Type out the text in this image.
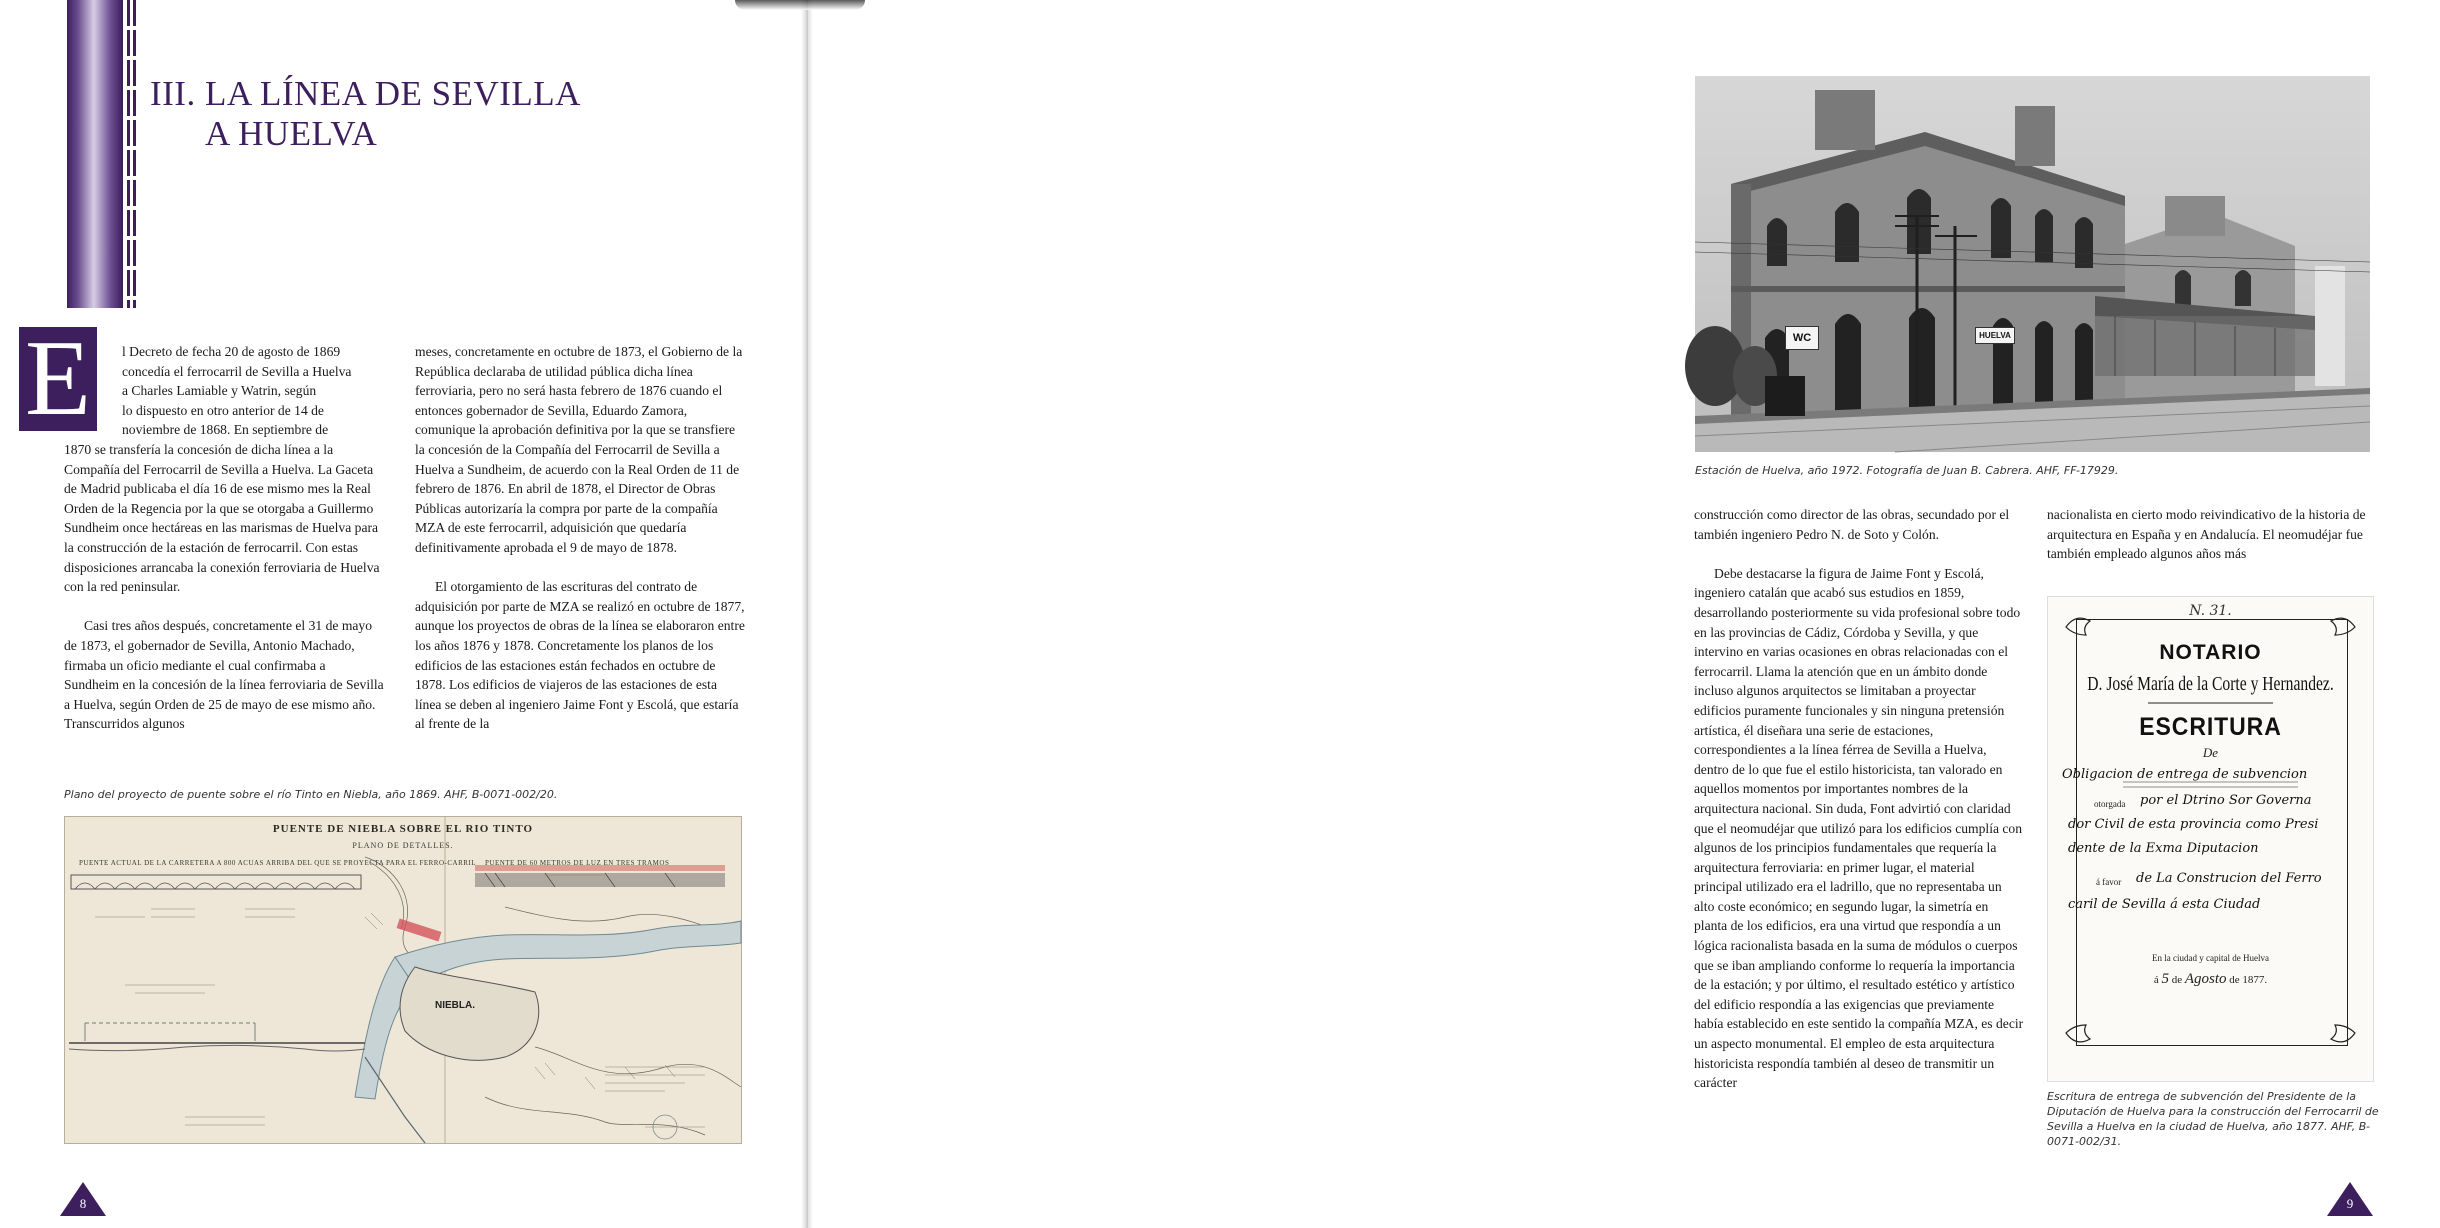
III. LA LÍNEA DE SEVILLA
A HUELVA
E	l Decreto de fecha 20 de agosto de 1869
concedía el ferrocarril de Sevilla a Huelva
a Charles Lamiable y Watrin, según
lo dispuesto en otro anterior de 14 de
noviembre de 1868. En septiembre de
1870 se transfería la concesión de dicha línea a la Compañía del Ferrocarril de Sevilla a Huelva. La Gaceta de Madrid publicaba el día 16 de ese mismo mes la Real Orden de la Regencia por la que se otorgaba a Guillermo Sundheim once hectáreas en las marismas de Huelva para la construcción de la estación de ferrocarril. Con estas disposiciones arrancaba la conexión ferroviaria de Huelva con la red peninsular.

Casi tres años después, concretamente el 31 de mayo de 1873, el gobernador de Sevilla, Antonio Machado, firmaba un oficio mediante el cual confirmaba a Sundheim en la concesión de la línea ferroviaria de Sevilla a Huelva, según Orden de 25 de mayo de ese mismo año. Transcurridos algunos

meses, concretamente en octubre de 1873, el Gobierno de la República declaraba de utilidad pública dicha línea ferroviaria, pero no será hasta febrero de 1876 cuando el entonces gobernador de Sevilla, Eduardo Zamora, comunique la aprobación definitiva por la que se transfiere la concesión de la Compañía del Ferrocarril de Sevilla a Huelva a Sundheim, de acuerdo con la Real Orden de 11 de febrero de 1876. En abril de 1878, el Director de Obras Públicas autorizaría la compra por parte de la compañía MZA de este ferrocarril, adquisición que quedaría definitivamente aprobada el 9 de mayo de 1878.

El otorgamiento de las escrituras del contrato de adquisición por parte de MZA se realizó en octubre de 1877, aunque los proyectos de obras de la línea se elaboraron entre los años 1876 y 1878. Concretamente los planos de los edificios de las estaciones están fechados en octubre de 1878. Los edificios de viajeros de las estaciones de esta línea se deben al ingeniero Jaime Font y Escolá, que estaría al frente de la

Plano del proyecto de puente sobre el río Tinto en Niebla, año 1869. AHF, B-0071-002/20.
PUENTE DE NIEBLA SOBRE EL RIO TINTO
PLANO DE DETALLES.
PUENTE ACTUAL DE LA CARRETERA A 800 ACUAS ARRIBA DEL QUE SE PROYECTA PARA EL FERRO-CARRIL PUENTE DE 60 METROS DE LUZ EN TRES TRAMOS
NIEBLA.
8
WC	HUELVA
Estación de Huelva, año 1972. Fotografía de Juan B. Cabrera. AHF, FF-17929.

construcción como director de las obras, secundado por el también ingeniero Pedro N. de Soto y Colón.

Debe destacarse la figura de Jaime Font y Escolá, ingeniero catalán que acabó sus estudios en 1859, desarrollando posteriormente su vida profesional sobre todo en las provincias de Cádiz, Córdoba y Sevilla, y que intervino en varias ocasiones en obras relacionadas con el ferrocarril. Llama la atención que en un ámbito donde incluso algunos arquitectos se limitaban a proyectar edificios puramente funcionales y sin ninguna pretensión artística, él diseñara una serie de estaciones, correspondientes a la línea férrea de Sevilla a Huelva, dentro de lo que fue el estilo historicista, tan valorado en aquellos momentos por importantes nombres de la arquitectura nacional. Sin duda, Font advirtió con claridad que el neomudéjar que utilizó para los edificios cumplía con algunos de los principios fundamentales que requería la arquitectura ferroviaria: en primer lugar, el material principal utilizado era el ladrillo, que no representaba un alto coste económico; en segundo lugar, la simetría en planta de los edificios, era una virtud que respondía a un lógica racionalista basada en la suma de módulos o cuerpos que se iban ampliando conforme lo requería la importancia de la estación; y por último, el resultado estético y artístico del edificio respondía a las exigencias que previamente había establecido en este sentido la compañía MZA, es decir un aspecto monumental. El empleo de esta arquitectura historicista respondía también al deseo de transmitir un carácter

nacionalista en cierto modo reivindicativo de la historia de arquitectura en España y en Andalucía. El neomudéjar fue también empleado algunos años más

N. 31.
NOTARIO
D. José María de la Corte y Hernandez.
ESCRITURA
De
Obligacion de entrega de subvencion
otorgada por el Dtrino Sor Governa
dor Civil de esta provincia como Presi
dente de la Exma Diputacion
á favor de La Construcion del Ferro
caril de Sevilla á esta Ciudad
En la ciudad y capital de Huelva
á 5 de Agosto de 1877.
Escritura de entrega de subvención del Presidente de la Diputación de Huelva para la construcción del Ferrocarril de Sevilla a Huelva en la ciudad de Huelva, año 1877. AHF, B-0071-002/31.
9
